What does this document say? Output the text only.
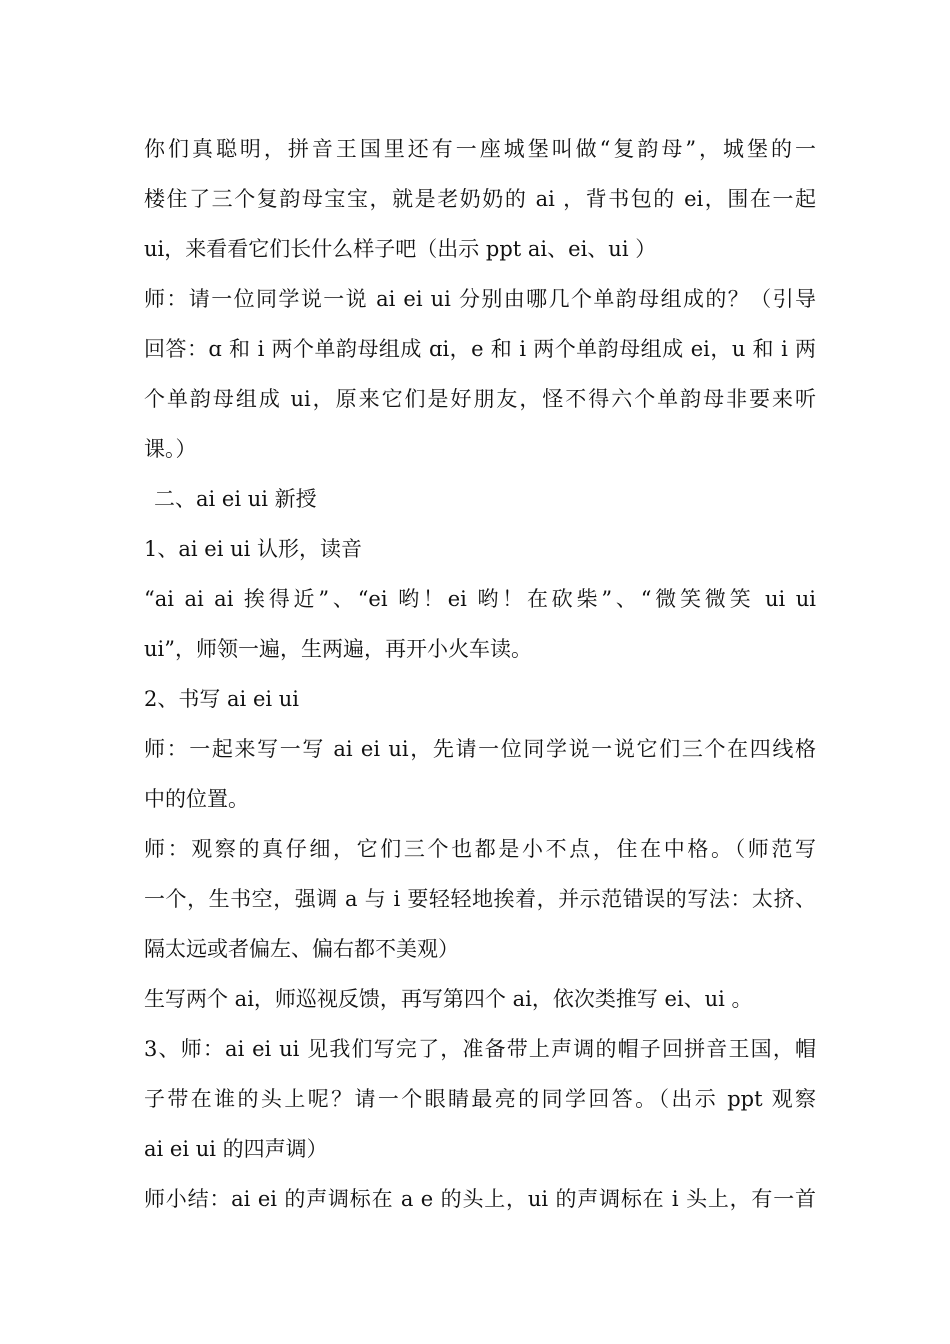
你们真聪明，拼音王国里还有一座城堡叫做“复韵母”，城堡的一
楼住了三个复韵母宝宝，就是老奶奶的 ai ，背书包的 ei，围在一起
ui，来看看它们长什么样子吧（出示 ppt ai、ei、ui ）
师：请一位同学说一说 ai ei ui 分别由哪几个单韵母组成的？（引导
回答：ɑ 和 i 两个单韵母组成 ɑi，e 和 i 两个单韵母组成 ei，u 和 i 两
个单韵母组成 ui，原来它们是好朋友，怪不得六个单韵母非要来听
课。）
二、ai ei ui 新授
1、ai ei ui 认形，读音
“ai ai ai 挨得近”、“ei 哟！ei 哟！在砍柴”、“微笑微笑 ui ui
ui”，师领一遍，生两遍，再开小火车读。
2、书写 ai ei ui
师：一起来写一写 ai ei ui，先请一位同学说一说它们三个在四线格
中的位置。
师：观察的真仔细，它们三个也都是小不点，住在中格。（师范写
一个，生书空，强调 a 与 i 要轻轻地挨着，并示范错误的写法：太挤、
隔太远或者偏左、偏右都不美观）
生写两个 ai，师巡视反馈，再写第四个 ai，依次类推写 ei、ui 。
3、师：ai ei ui 见我们写完了，准备带上声调的帽子回拼音王国，帽
子带在谁的头上呢？请一个眼睛最亮的同学回答。（出示 ppt 观察
ai ei ui 的四声调）
师小结：ai ei 的声调标在 a e 的头上，ui 的声调标在 i 头上，有一首
